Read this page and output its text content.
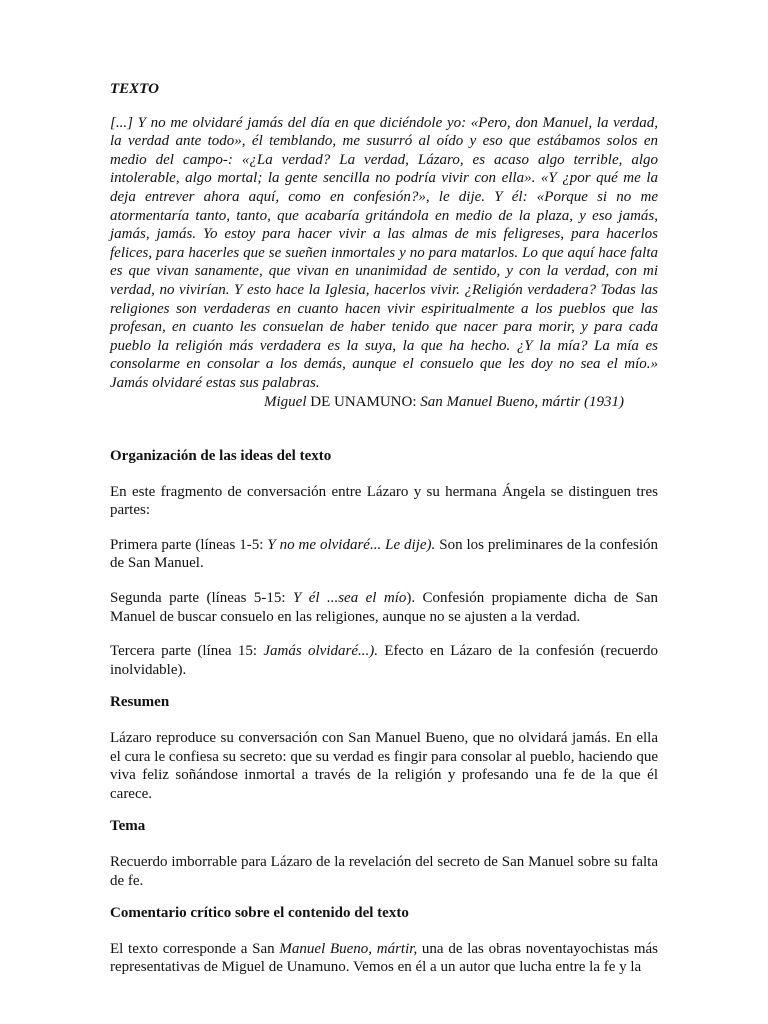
TEXTO

[...] Y no me olvidaré jamás del día en que diciéndole yo: «Pero, don Manuel, la verdad, la verdad ante todo», él temblando, me susurró al oído y eso que estábamos solos en medio del campo-: «¿La verdad? La verdad, Lázaro, es acaso algo terrible, algo intolerable, algo mortal; la gente sencilla no podría vivir con ella». «Y ¿por qué me la deja entrever ahora aquí, como en confesión?», le dije. Y él: «Porque si no me atormentaría tanto, tanto, que acabaría gritándola en medio de la plaza, y eso jamás, jamás, jamás. Yo estoy para hacer vivir a las almas de mis feligreses, para hacerlos felices, para hacerles que se sueñen inmortales y no para matarlos. Lo que aquí hace falta es que vivan sanamente, que vivan en unanimidad de sentido, y con la verdad, con mi verdad, no vivirían. Y esto hace la Iglesia, hacerlos vivir. ¿Religión verdadera? Todas las religiones son verdaderas en cuanto hacen vivir espiritualmente a los pueblos que las profesan, en cuanto les consuelan de haber tenido que nacer para morir, y para cada pueblo la religión más verdadera es la suya, la que ha hecho. ¿Y la mía? La mía es consolarme en consolar a los demás, aunque el consuelo que les doy no sea el mío.» Jamás olvidaré estas sus palabras.

Miguel DE UNAMUNO: San Manuel Bueno, mártir (1931)

Organización de las ideas del texto

En este fragmento de conversación entre Lázaro y su hermana Ángela se distinguen tres partes:

Primera parte (líneas 1-5: Y no me olvidaré... Le dije). Son los preliminares de la confesión de San Manuel.

Segunda parte (líneas 5-15: Y él ...sea el mío). Confesión propiamente dicha de San Manuel de buscar consuelo en las religiones, aunque no se ajusten a la verdad.

Tercera parte (línea 15: Jamás olvidaré...). Efecto en Lázaro de la confesión (recuerdo inolvidable).

Resumen

Lázaro reproduce su conversación con San Manuel Bueno, que no olvidará jamás. En ella el cura le confiesa su secreto: que su verdad es fingir para consolar al pueblo, haciendo que viva feliz soñándose inmortal a través de la religión y profesando una fe de la que él carece.

Tema

Recuerdo imborrable para Lázaro de la revelación del secreto de San Manuel sobre su falta de fe.

Comentario crítico sobre el contenido del texto

El texto corresponde a San Manuel Bueno, mártir, una de las obras noventayochistas más representativas de Miguel de Unamuno. Vemos en él a un autor que lucha entre la fe y la
